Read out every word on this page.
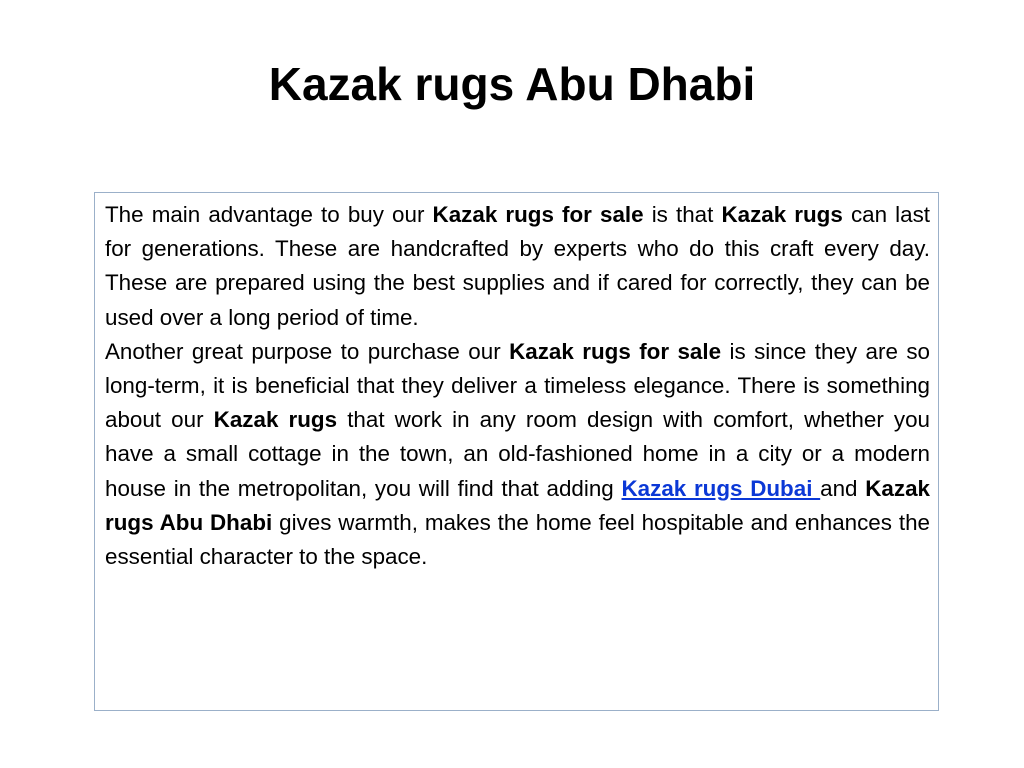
Kazak rugs Abu Dhabi

The main advantage to buy our Kazak rugs for sale is that Kazak rugs can last for generations. These are handcrafted by experts who do this craft every day. These are prepared using the best supplies and if cared for correctly, they can be used over a long period of time.

Another great purpose to purchase our Kazak rugs for sale is since they are so long-term, it is beneficial that they deliver a timeless elegance. There is something about our Kazak rugs that work in any room design with comfort, whether you have a small cottage in the town, an old-fashioned home in a city or a modern house in the metropolitan, you will find that adding Kazak rugs Dubai and Kazak rugs Abu Dhabi gives warmth, makes the home feel hospitable and enhances the essential character to the space.
